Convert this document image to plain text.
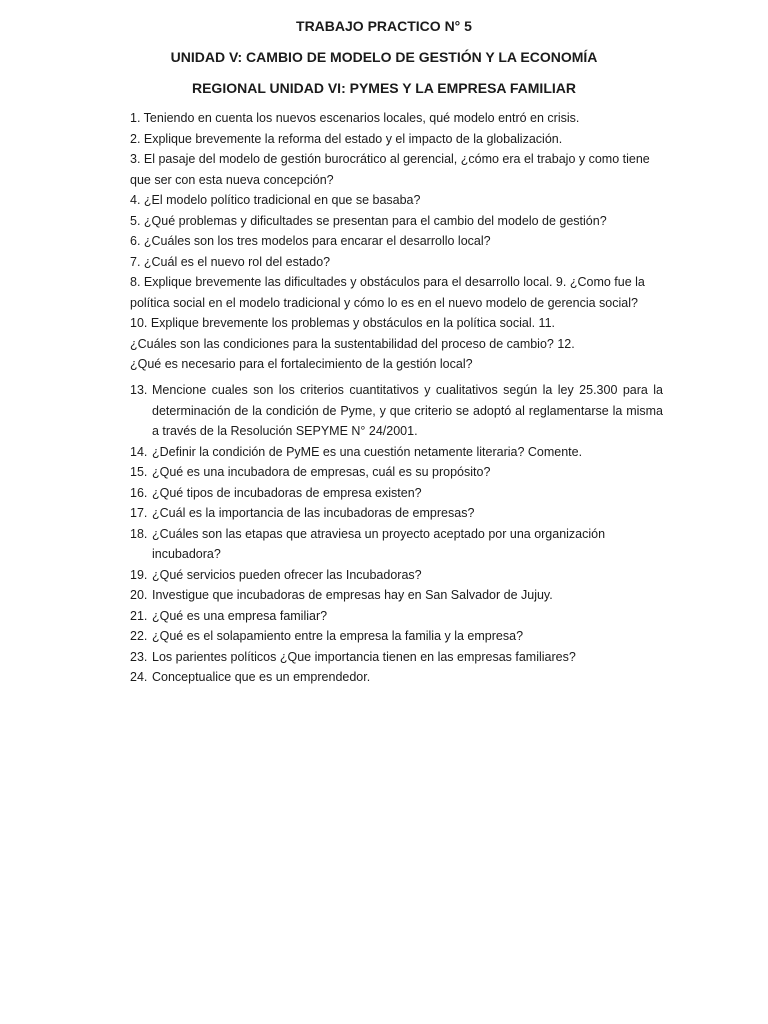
TRABAJO PRACTICO N° 5
UNIDAD V: CAMBIO DE MODELO DE GESTIÓN Y LA ECONOMÍA
REGIONAL UNIDAD VI: PYMES Y LA EMPRESA FAMILIAR

1. Teniendo en cuenta los nuevos escenarios locales, qué modelo entró en crisis.

2. Explique brevemente la reforma del estado y el impacto de la globalización.

3. El pasaje del modelo de gestión burocrático al gerencial, ¿cómo era el trabajo y como tiene

que ser con esta nueva concepción?

4. ¿El modelo político tradicional en que se basaba?

5. ¿Qué problemas y dificultades se presentan para el cambio del modelo de gestión?

6. ¿Cuáles son los tres modelos para encarar el desarrollo local?

7. ¿Cuál es el nuevo rol del estado?

8. Explique brevemente las dificultades y obstáculos para el desarrollo local. 9. ¿Como fue la

política social en el modelo tradicional y cómo lo es en el nuevo modelo de gerencia social?

10. Explique brevemente los problemas y obstáculos en la política social. 11.

¿Cuáles son las condiciones para la sustentabilidad del proceso de cambio? 12.

¿Qué es necesario para el fortalecimiento de la gestión local?

13. Mencione cuales son los criterios cuantitativos y cualitativos según la ley 25.300 para la determinación de la condición de Pyme, y que criterio se adoptó al reglamentarse la misma a través de la Resolución SEPYME N° 24/2001.
14. ¿Definir la condición de PyME es una cuestión netamente literaria? Comente.
15. ¿Qué es una incubadora de empresas, cuál es su propósito?
16. ¿Qué tipos de incubadoras de empresa existen?
17. ¿Cuál es la importancia de las incubadoras de empresas?
18. ¿Cuáles son las etapas que atraviesa un proyecto aceptado por una organización incubadora?
19. ¿Qué servicios pueden ofrecer las Incubadoras?
20. Investigue que incubadoras de empresas hay en San Salvador de Jujuy.
21. ¿Qué es una empresa familiar?
22. ¿Qué es el solapamiento entre la empresa la familia y la empresa?
23. Los parientes políticos ¿Que importancia tienen en las empresas familiares?
24. Conceptualice que es un emprendedor.
